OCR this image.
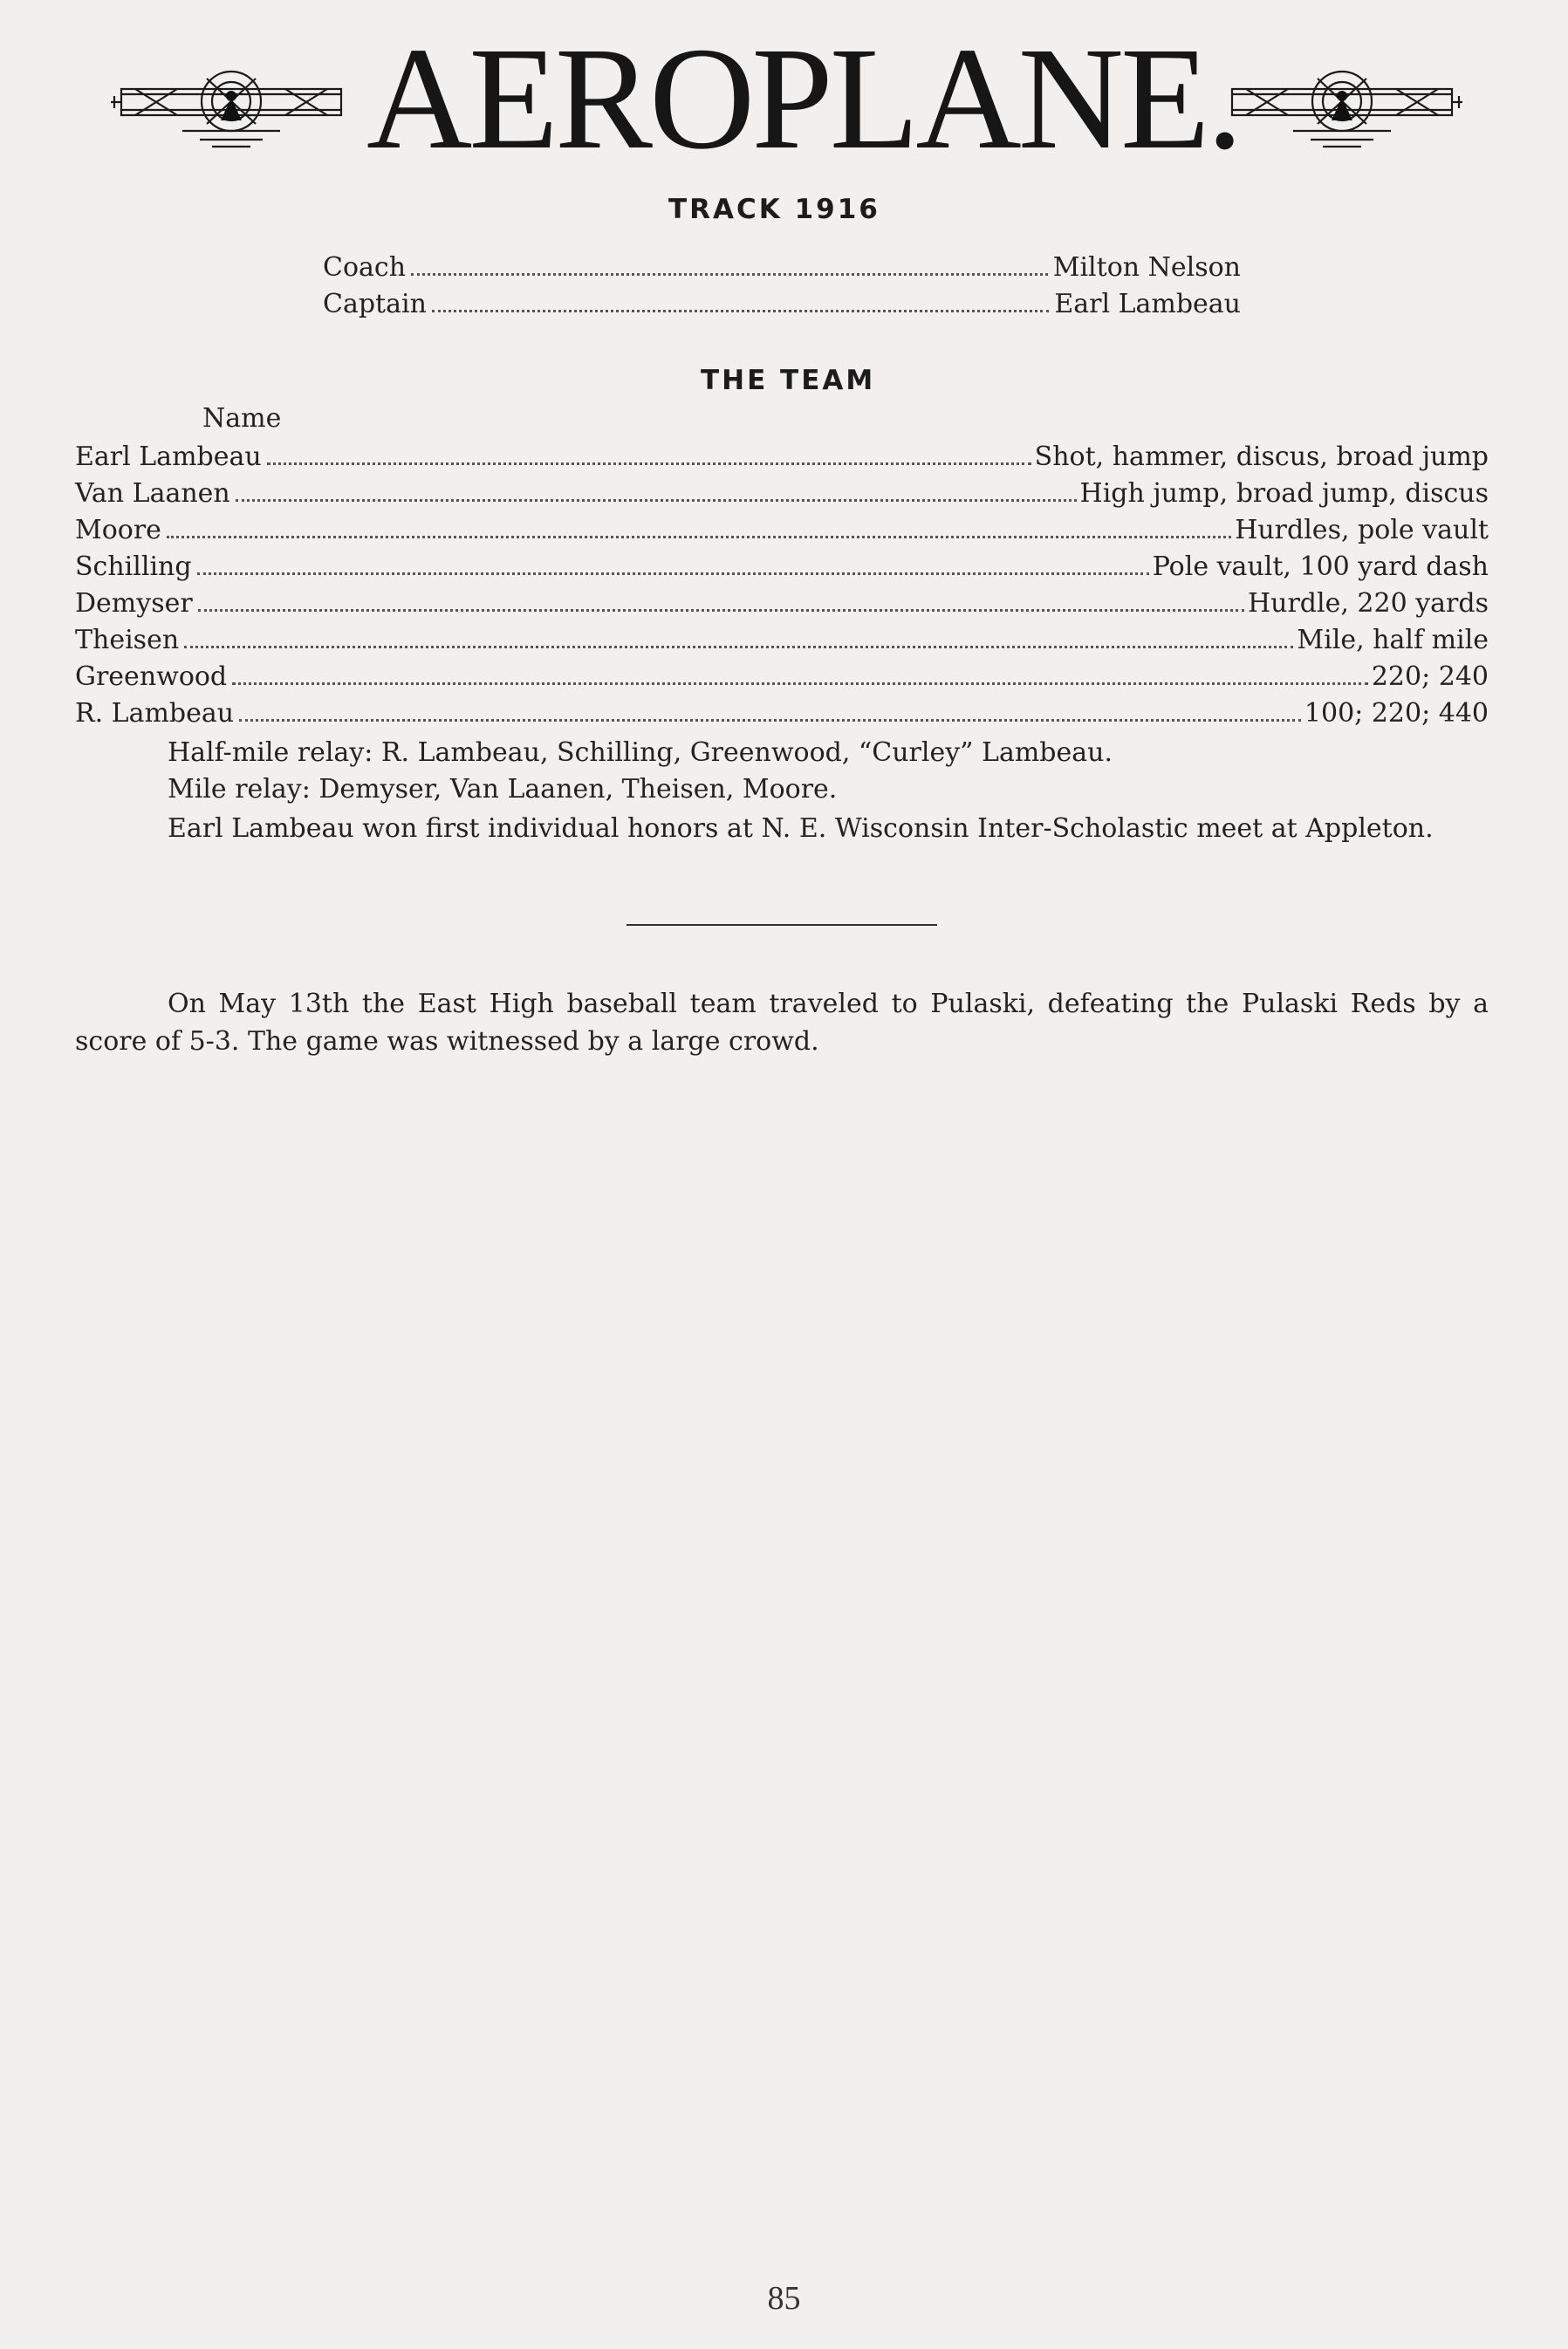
AEROPLANE.
TRACK 1916
Coach	Milton Nelson
Captain	Earl Lambeau
THE TEAM
Name
Earl Lambeau	Shot, hammer, discus, broad jump
Van Laanen	High jump, broad jump, discus
Moore	Hurdles, pole vault
Schilling	Pole vault, 100 yard dash
Demyser	Hurdle, 220 yards
Theisen	Mile, half mile
Greenwood	220; 240
R. Lambeau	100; 220; 440
Half-mile relay: R. Lambeau, Schilling, Greenwood, “Curley” Lambeau.
Mile relay: Demyser, Van Laanen, Theisen, Moore.
Earl Lambeau won first individual honors at N. E. Wisconsin Inter-Scholastic meet at Appleton.
On May 13th the East High baseball team traveled to Pulaski, defeating the Pulaski Reds by a score of 5-3. The game was witnessed by a large crowd.
85
